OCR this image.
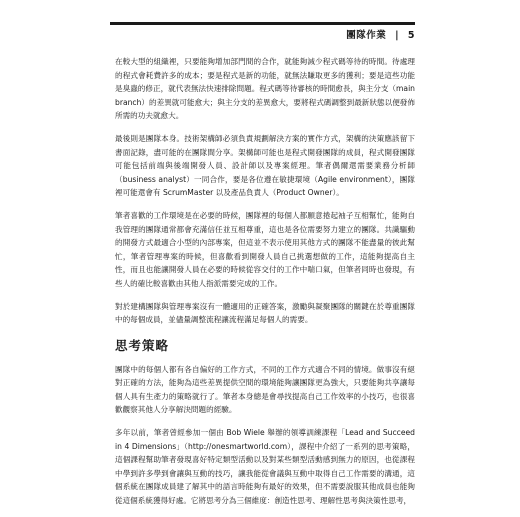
團隊作業 | 5

在較大型的組織裡，只要能夠增加部門間的合作，就能夠減少程式碼等待的時間。待處理的程式會耗費許多的成本；要是程式是新的功能，就無法賺取更多的獲利；要是這些功能是臭蟲的修正，就代表無法快速排除問題。程式碼等待審核的時間愈長，與主分支（main branch）的差異就可能愈大；與主分支的差異愈大，要將程式碼調整到最新狀態以便發佈所需的功夫就愈大。

最後則是團隊本身。技術架構師必須負責規劃解決方案的實作方式，架構的決策應該留下書面記錄，盡可能的在團隊間分享。架構師可能也是程式開發團隊的成員，程式開發團隊可能包括前端與後端開發人員、設計師以及專案經理。筆者偶爾還需要業務分析師（business analyst）一同合作，要是各位遵在敏捷環境（Agile environment），團隊裡可能還會有 ScrumMaster 以及產品負責人（Product Owner）。

筆者喜歡的工作環境是在必要的時候，團隊裡的每個人都願意捲起袖子互相幫忙，能夠自我管理的團隊通常都會充滿信任並互相尊重，這也是各位需要努力建立的團隊。共識驅動的開發方式最適合小型的內部專案，但這並不表示使用其他方式的團隊不能盡量的彼此幫忙，筆者管理專案的時候，但喜歡看到開發人員自己挑選想做的工作，這能夠提高自主性，而且也能讓開發人員在必要的時候從容交付的工作中喘口氣，但筆者同時也發現，有些人的確比較喜歡由其他人指派需要完成的工作。

對於建構團隊與管理專案沒有一體適用的正確答案，激勵與凝聚團隊的關鍵在於尊重團隊中的每個成員，並儘量調整流程讓流程滿足每個人的需要。

思考策略

團隊中的每個人都有各自偏好的工作方式，不同的工作方式適合不同的情境。做事沒有絕對正確的方法，能夠為這些差異提供空間的環境能夠讓團隊更為強大，只要能夠共享讓每個人具有生產力的策略就行了。筆者本身總是會尋找提高自己工作效率的小技巧，也很喜歡觀察其他人分享解決問題的經驗。

多年以前，筆者曾經參加一個由 Bob Wiele 舉辦的領導訓練課程「Lead and Succeed in 4 Dimensions」（http://onesmartworld.com），課程中介紹了一系列的思考策略，這個課程幫助筆者發現喜好特定類型活動以及對某些類型活動感到無力的原因，也從課程中學到許多學到會讓與互動的技巧，讓我能從會議與互動中取得自己工作需要的溝通，這個系統在團隊成員建了解其中的語言時能夠有最好的效果，但不需要說服其他成員也能夠從這個系統獲得好處。它將思考分為三個維度：創造性思考、理解性思考與決策性思考，
